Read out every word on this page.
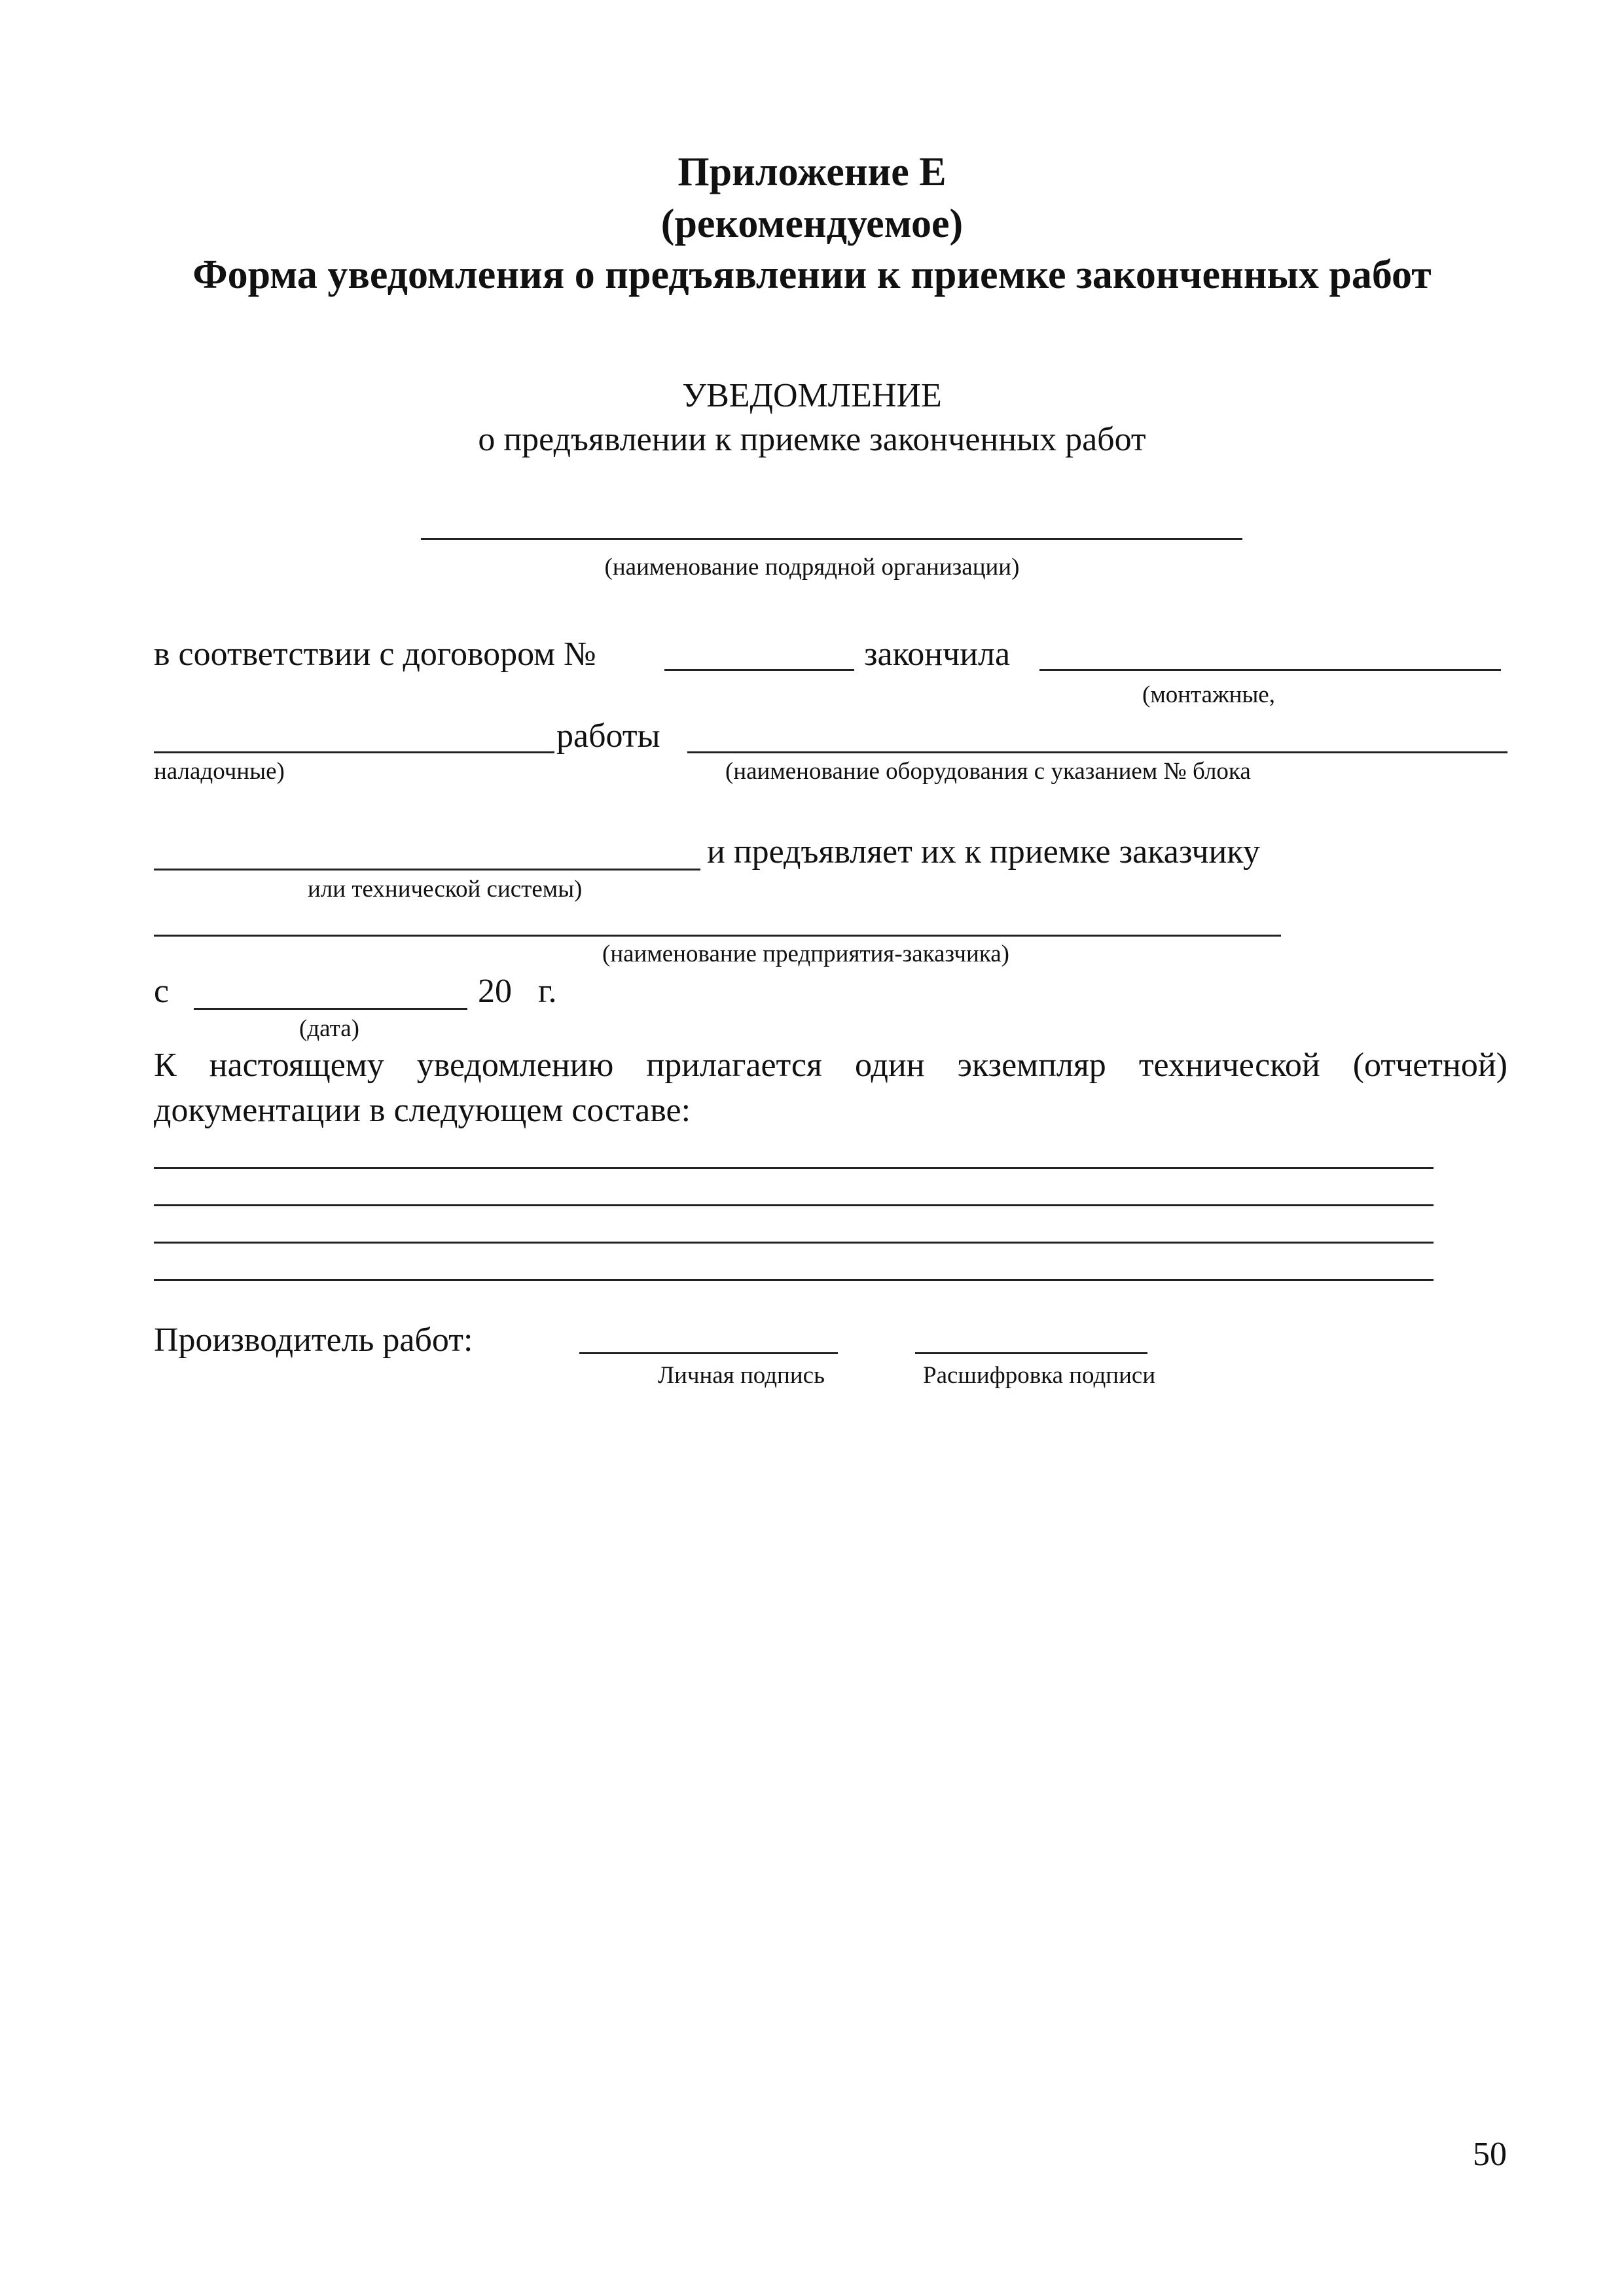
Приложение Е
(рекомендуемое)
Форма уведомления о предъявлении к приемке законченных работ
УВЕДОМЛЕНИЕ
о предъявлении к приемке законченных работ
(наименование подрядной организации)
в соответствии с договором №	закончила
(монтажные,
работы
наладочные)	(наименование оборудования с указанием № блока
и предъявляет их к приемке заказчику
или технической системы)
(наименование предприятия-заказчика)
с	20 г.
(дата)
К настоящему уведомлению прилагается один экземпляр технической (отчетной)
документации в следующем составе:
Производитель работ:
Личная подпись	Расшифровка подписи
50
